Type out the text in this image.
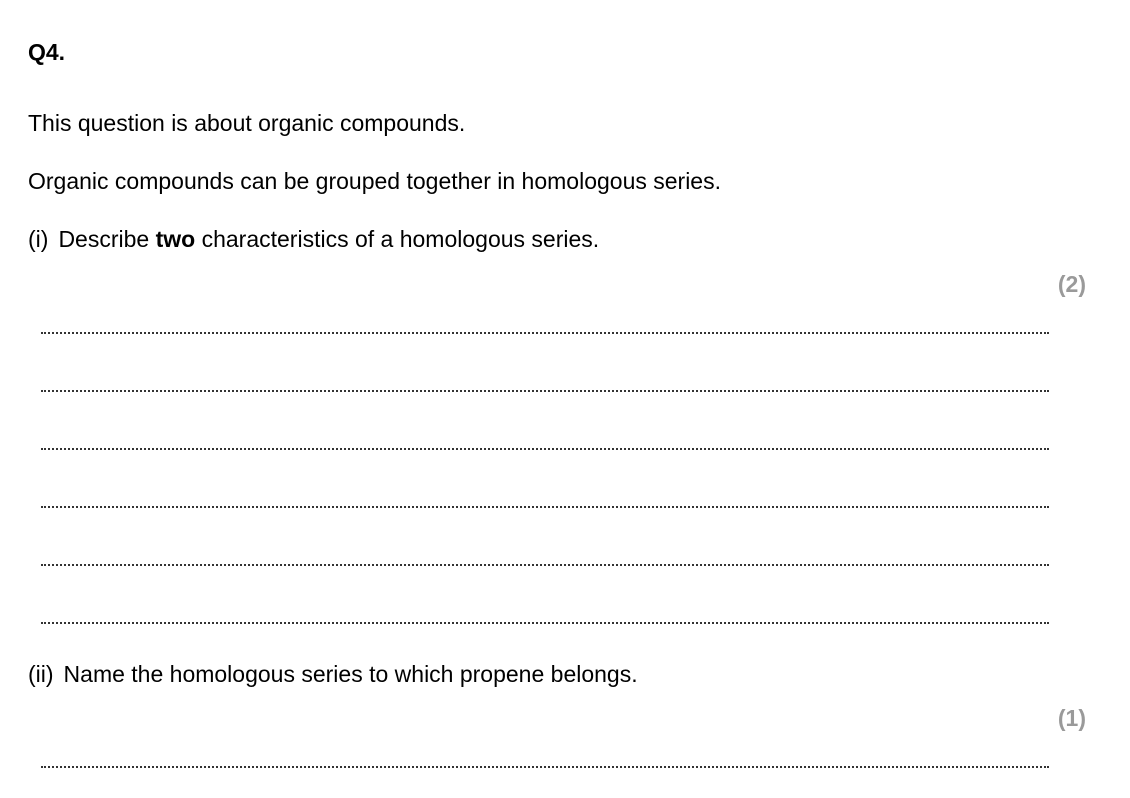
Q4.

This question is about organic compounds.

Organic compounds can be grouped together in homologous series.

(i) Describe two characteristics of a homologous series.

(2)

(ii) Name the homologous series to which propene belongs.

(1)
